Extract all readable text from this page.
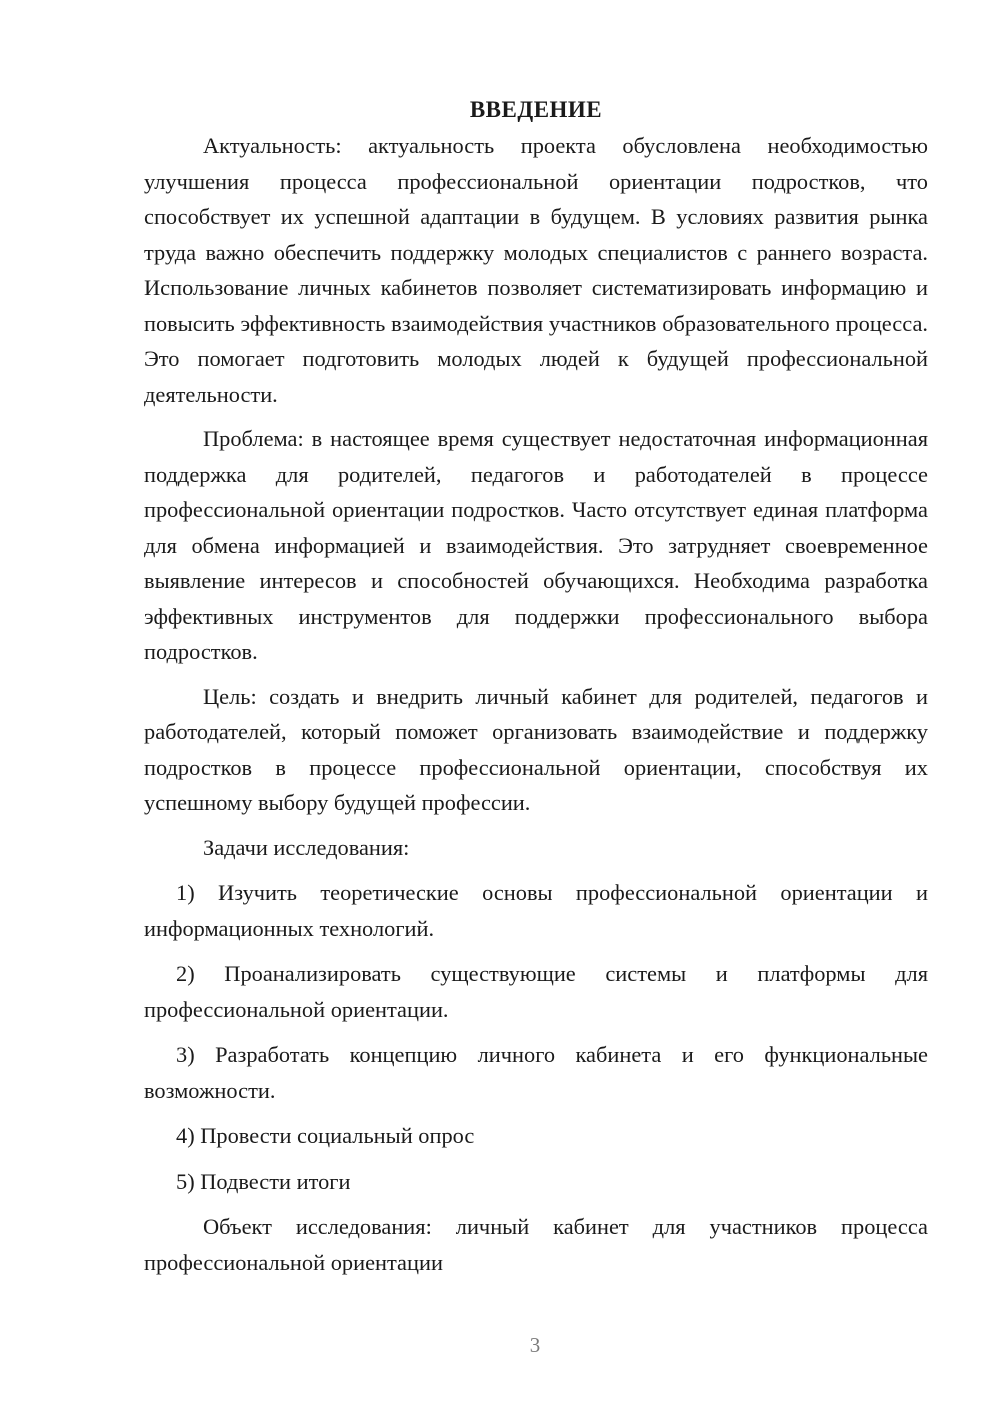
ВВЕДЕНИЕ

Актуальность: актуальность проекта обусловлена необходимостью улучшения процесса профессиональной ориентации подростков, что способствует их успешной адаптации в будущем. В условиях развития рынка труда важно обеспечить поддержку молодых специалистов с раннего возраста. Использование личных кабинетов позволяет систематизировать информацию и повысить эффективность взаимодействия участников образовательного процесса. Это помогает подготовить молодых людей к будущей профессиональной деятельности.

Проблема: в настоящее время существует недостаточная информационная поддержка для родителей, педагогов и работодателей в процессе профессиональной ориентации подростков. Часто отсутствует единая платформа для обмена информацией и взаимодействия. Это затрудняет своевременное выявление интересов и способностей обучающихся. Необходима разработка эффективных инструментов для поддержки профессионального выбора подростков.

Цель: создать и внедрить личный кабинет для родителей, педагогов и работодателей, который поможет организовать взаимодействие и поддержку подростков в процессе профессиональной ориентации, способствуя их успешному выбору будущей профессии.

Задачи исследования:

1) Изучить теоретические основы профессиональной ориентации и информационных технологий.

2) Проанализировать существующие системы и платформы для профессиональной ориентации.

3) Разработать концепцию личного кабинета и его функциональные возможности.

4) Провести социальный опрос

5) Подвести итоги

Объект исследования: личный кабинет для участников процесса профессиональной ориентации

3
